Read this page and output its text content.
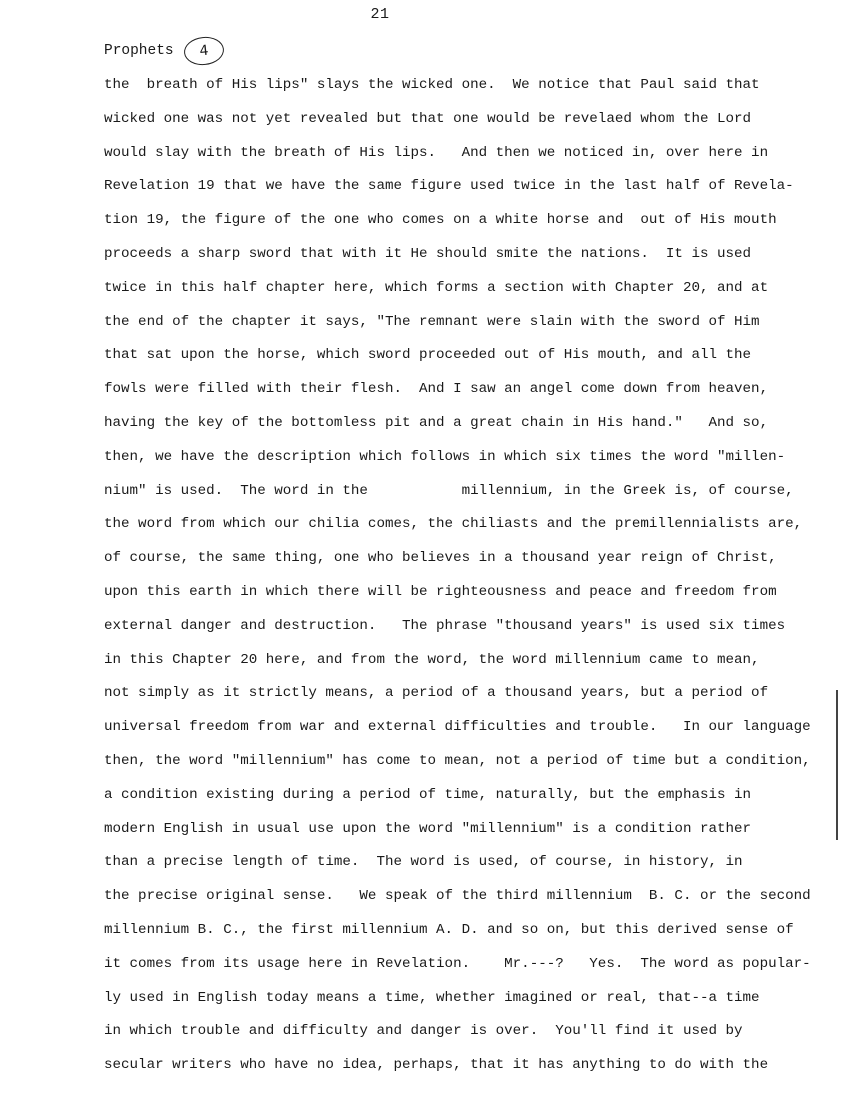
21
Prophets	4
the  breath of His lips" slays the wicked one.  We notice that Paul said that
wicked one was not yet revealed but that one would be revelaed whom the Lord
would slay with the breath of His lips.   And then we noticed in, over here in
Revelation 19 that we have the same figure used twice in the last half of Revela-
tion 19, the figure of the one who comes on a white horse and  out of His mouth
proceeds a sharp sword that with it He should smite the nations.  It is used
twice in this half chapter here, which forms a section with Chapter 20, and at
the end of the chapter it says, "The remnant were slain with the sword of Him
that sat upon the horse, which sword proceeded out of His mouth, and all the
fowls were filled with their flesh.  And I saw an angel come down from heaven,
having the key of the bottomless pit and a great chain in His hand."   And so,
then, we have the description which follows in which six times the word "millen-
nium" is used.  The word in the           millennium, in the Greek is, of course,
the word from which our chilia comes, the chiliasts and the premillennialists are,
of course, the same thing, one who believes in a thousand year reign of Christ,
upon this earth in which there will be righteousness and peace and freedom from
external danger and destruction.   The phrase "thousand years" is used six times
in this Chapter 20 here, and from the word, the word millennium came to mean,
not simply as it strictly means, a period of a thousand years, but a period of
universal freedom from war and external difficulties and trouble.   In our language
then, the word "millennium" has come to mean, not a period of time but a condition,
a condition existing during a period of time, naturally, but the emphasis in
modern English in usual use upon the word "millennium" is a condition rather
than a precise length of time.  The word is used, of course, in history, in
the precise original sense.   We speak of the third millennium  B. C. or the second
millennium B. C., the first millennium A. D. and so on, but this derived sense of
it comes from its usage here in Revelation.    Mr.---?   Yes.  The word as popular-
ly used in English today means a time, whether imagined or real, that--a time
in which trouble and difficulty and danger is over.  You'll find it used by
secular writers who have no idea, perhaps, that it has anything to do with the
